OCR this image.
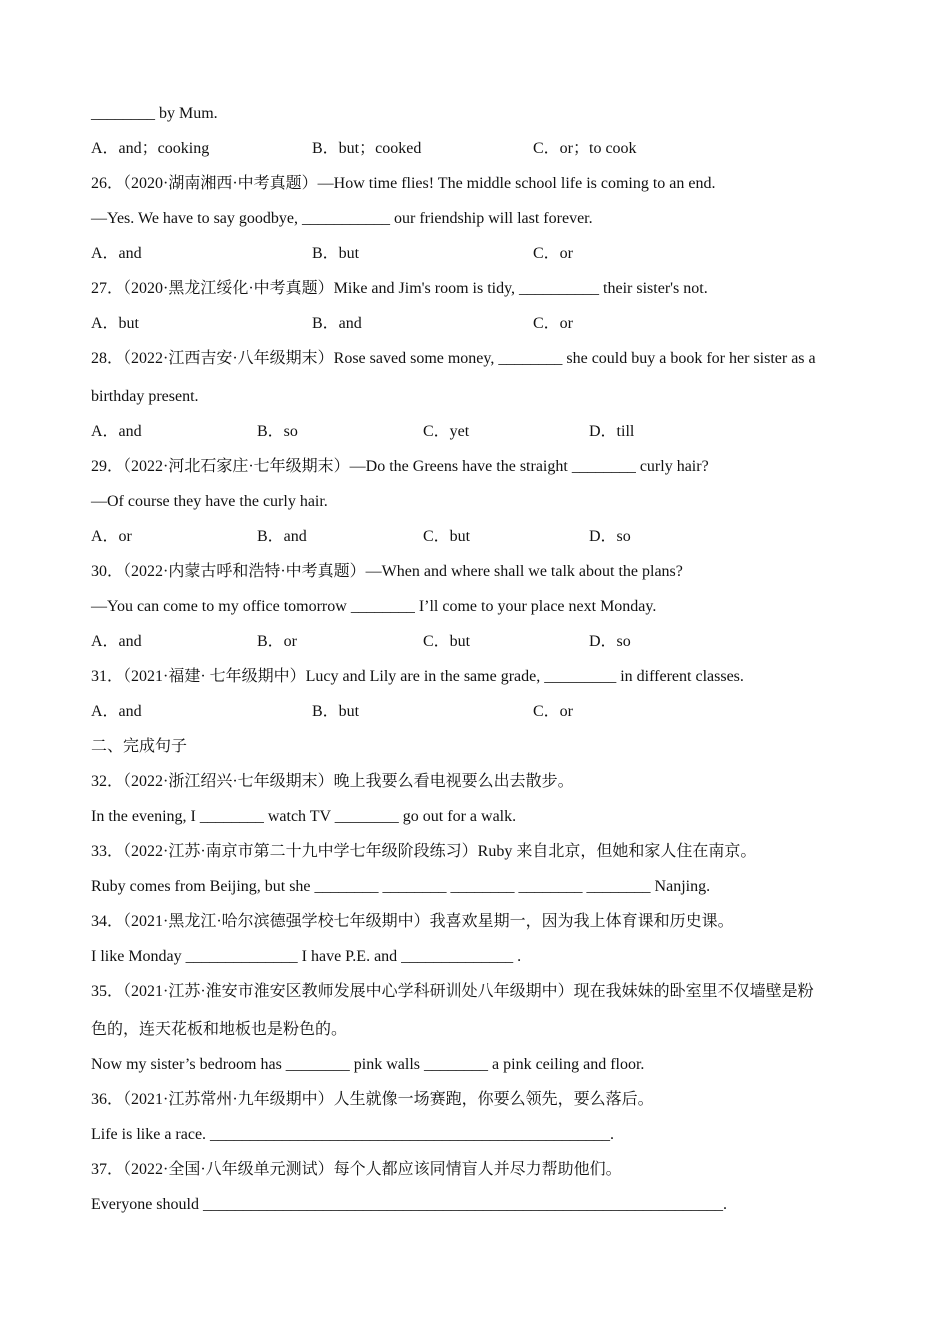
________ by Mum.
A．and；cooking	B．but；cooked	C．or；to cook
26．（2020·湖南湘西·中考真题）—How time flies! The middle school life is coming to an end.
—Yes. We have to say goodbye, ___________ our friendship will last forever.
A．and	B．but	C．or
27．（2020·黑龙江绥化·中考真题）Mike and Jim's room is tidy, __________ their sister's not.
A．but	B．and	C．or
28．（2022·江西吉安·八年级期末）Rose saved some money, ________ she could buy a book for her sister as a
birthday present.
A．and	B．so	C．yet	D．till
29．（2022·河北石家庄·七年级期末）—Do the Greens have the straight ________ curly hair?
—Of course they have the curly hair.
A．or	B．and	C．but	D．so
30．（2022·内蒙古呼和浩特·中考真题）—When and where shall we talk about the plans?
—You can come to my office tomorrow ________ I’ll come to your place next Monday.
A．and	B．or	C．but	D．so
31．（2021·福建· 七年级期中）Lucy and Lily are in the same grade, _________ in different classes.
A．and	B．but	C．or
二、完成句子
32．（2022·浙江绍兴·七年级期末）晚上我要么看电视要么出去散步。
In the evening, I ________ watch TV ________ go out for a walk.
33．（2022·江苏·南京市第二十九中学七年级阶段练习）Ruby 来自北京，但她和家人住在南京。
Ruby comes from Beijing, but she ________ ________ ________ ________ ________ Nanjing.
34．（2021·黑龙江·哈尔滨德强学校七年级期中）我喜欢星期一，因为我上体育课和历史课。
I like Monday ______________ I have P.E. and ______________ .
35．（2021·江苏·淮安市淮安区教师发展中心学科研训处八年级期中）现在我妹妹的卧室里不仅墙壁是粉
色的，连天花板和地板也是粉色的。
Now my sister’s bedroom has ________ pink walls ________ a pink ceiling and floor.
36．（2021·江苏常州·九年级期中）人生就像一场赛跑，你要么领先，要么落后。
Life is like a race. __________________________________________________.
37．（2022·全国·八年级单元测试）每个人都应该同情盲人并尽力帮助他们。
Everyone should _________________________________________________________________.
